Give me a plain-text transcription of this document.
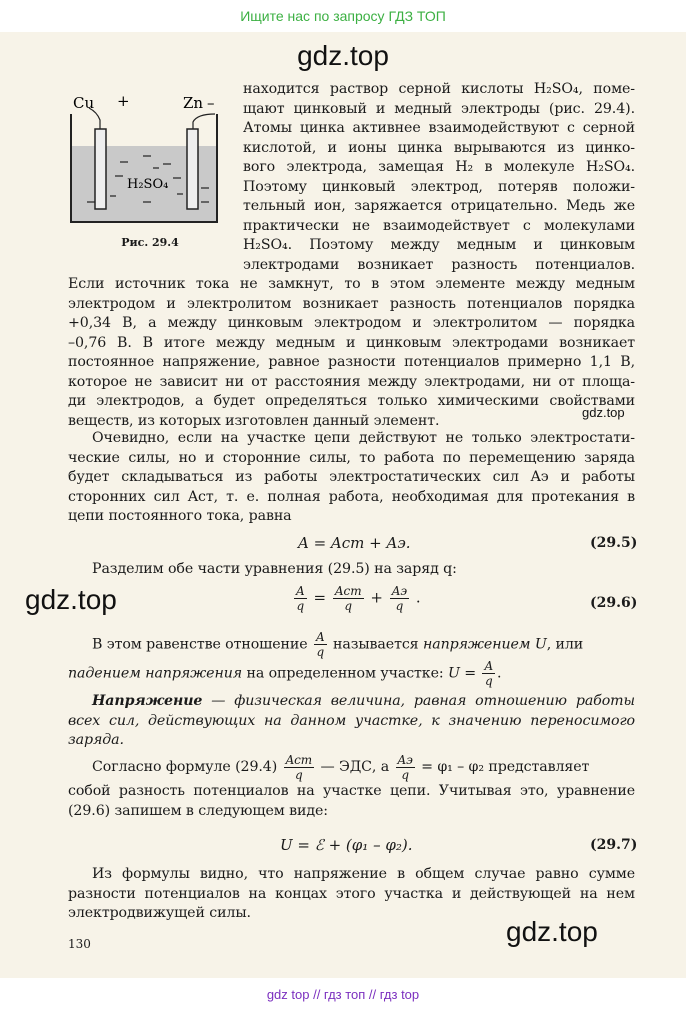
Ищите нас по запросу ГДЗ ТОП
gdz.top
Cu +	Zn –
H₂SO₄
Рис. 29.4
находится раствор серной кислоты H₂SO₄, поме-
щают цинковый и медный электроды (рис. 29.4).
Атомы цинка активнее взаимодействуют с серной
кислотой, и ионы цинка вырываются из цинко-
вого электрода, замещая H₂ в молекуле H₂SO₄.
Поэтому цинковый электрод, потеряв положи-
тельный ион, заряжается отрицательно. Медь же
практически не взаимодействует с молекулами
H₂SO₄. Поэтому между медным и цинковым
электродами возникает разность потенциалов.
Если источник тока не замкнут, то в этом элементе между медным
электродом и электролитом возникает разность потенциалов порядка
+0,34 В, а между цинковым электродом и электролитом — порядка
–0,76 В. В итоге между медным и цинковым электродами возникает
постоянное напряжение, равное разности потенциалов примерно 1,1 В,
которое не зависит ни от расстояния между электродами, ни от площа-
ди электродов, а будет определяться только химическими свойствами
веществ, из которых изготовлен данный элемент.	gdz.top
Очевидно, если на участке цепи действуют не только электростати-
ческие силы, но и сторонние силы, то работа по перемещению заряда
будет складываться из работы электростатических сил Aэ и работы
сторонних сил Aст, т. е. полная работа, необходимая для протекания в
цепи постоянного тока, равна
A = Aст + Aэ.	(29.5)
Разделим обе части уравнения (29.5) на заряд q:
gdz.top	$\frac{A}{q} = \frac{\text{Aст}}{q} + \frac{Aэ}{q}$ .	(29.6)
В этом равенстве отношение $\frac{A}{q}$ называется напряжением U, или
падением напряжения на определенном участке: $U = \frac{A}{q}$ .
Напряжение — физическая величина, равная отношению работы
всех сил, действующих на данном участке, к значению переносимого
заряда.
Согласно формуле $(29.4) \frac{\text{Aст}}{q}$ — ЭДС, а $\frac{Aэ}{q} = \varphi_1 - \varphi_2$ представляет
собой разность потенциалов на участке цепи. Учитывая это, уравнение
(29.6) запишем в следующем виде:
U = ℰ + (φ₁ – φ₂).	(29.7)
Из формулы видно, что напряжение в общем случае равно сумме
разности потенциалов на концах этого участка и действующей на нем
электродвижущей силы.
130	gdz.top
gdz top // гдз топ // гдз top
